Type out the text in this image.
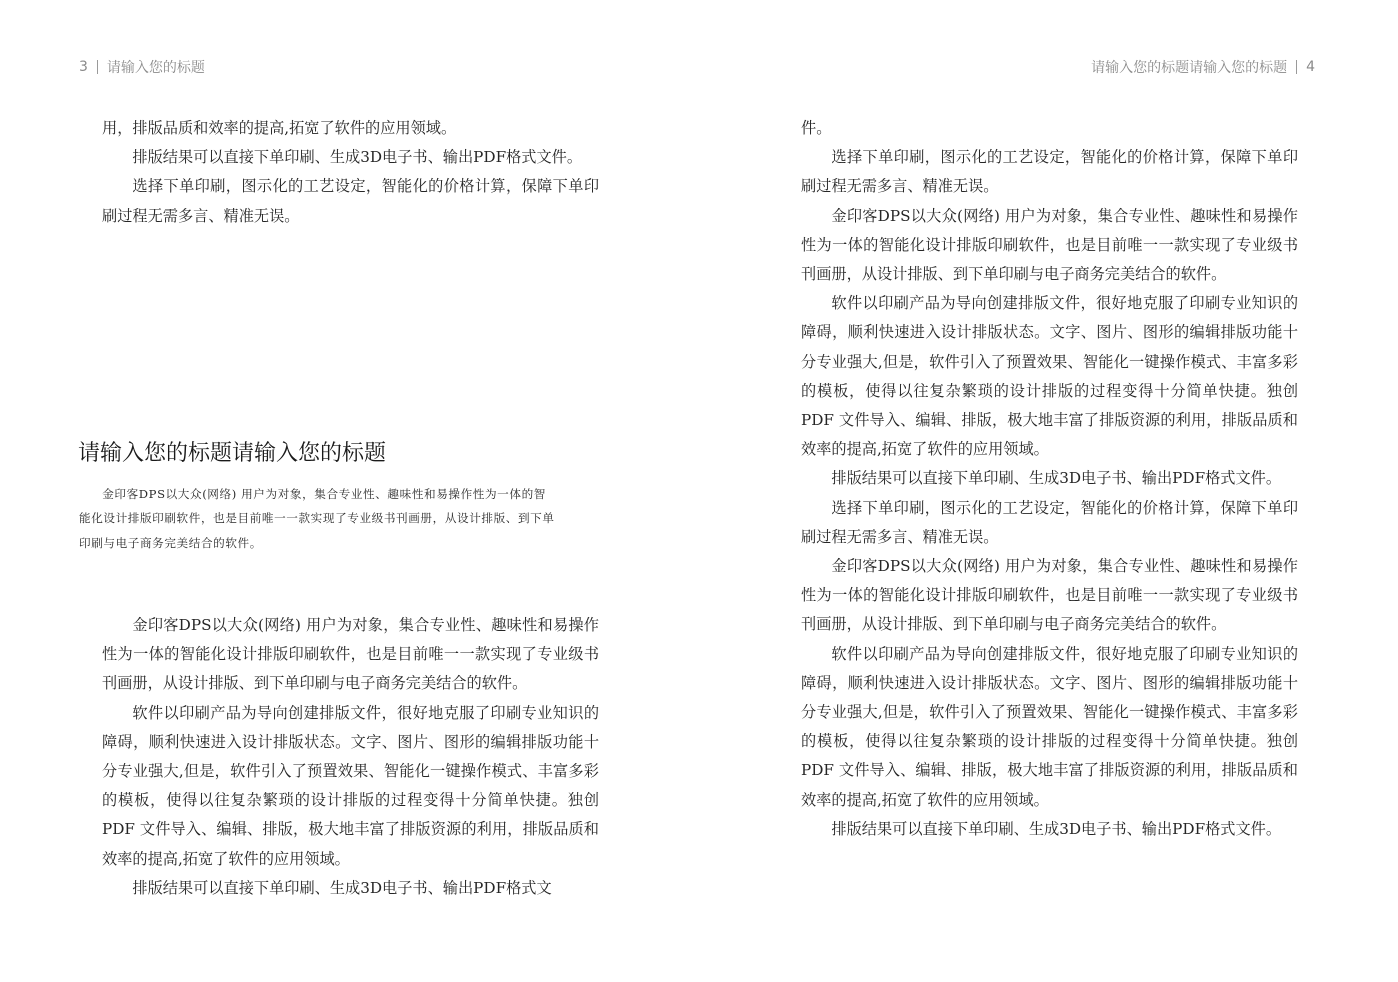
3 请输入您的标题

用，排版品质和效率的提高,拓宽了软件的应用领域。

排版结果可以直接下单印刷、生成3D电子书、输出PDF格式文件。

选择下单印刷，图示化的工艺设定，智能化的价格计算，保障下单印刷过程无需多言、精准无误。

请输入您的标题请输入您的标题

金印客DPS以大众(网络) 用户为对象，集合专业性、趣味性和易操作性为一体的智能化设计排版印刷软件，也是目前唯一一款实现了专业级书刊画册，从设计排版、到下单印刷与电子商务完美结合的软件。

金印客DPS以大众(网络) 用户为对象，集合专业性、趣味性和易操作性为一体的智能化设计排版印刷软件，也是目前唯一一款实现了专业级书刊画册，从设计排版、到下单印刷与电子商务完美结合的软件。

软件以印刷产品为导向创建排版文件，很好地克服了印刷专业知识的障碍，顺利快速进入设计排版状态。文字、图片、图形的编辑排版功能十分专业强大,但是，软件引入了预置效果、智能化一键操作模式、丰富多彩的模板，使得以往复杂繁琐的设计排版的过程变得十分简单快捷。独创PDF 文件导入、编辑、排版，极大地丰富了排版资源的利用，排版品质和效率的提高,拓宽了软件的应用领域。

排版结果可以直接下单印刷、生成3D电子书、输出PDF格式文

请输入您的标题请输入您的标题 4

件。

选择下单印刷，图示化的工艺设定，智能化的价格计算，保障下单印刷过程无需多言、精准无误。

金印客DPS以大众(网络) 用户为对象，集合专业性、趣味性和易操作性为一体的智能化设计排版印刷软件，也是目前唯一一款实现了专业级书刊画册，从设计排版、到下单印刷与电子商务完美结合的软件。

软件以印刷产品为导向创建排版文件，很好地克服了印刷专业知识的障碍，顺利快速进入设计排版状态。文字、图片、图形的编辑排版功能十分专业强大,但是，软件引入了预置效果、智能化一键操作模式、丰富多彩的模板，使得以往复杂繁琐的设计排版的过程变得十分简单快捷。独创PDF 文件导入、编辑、排版，极大地丰富了排版资源的利用，排版品质和效率的提高,拓宽了软件的应用领域。

排版结果可以直接下单印刷、生成3D电子书、输出PDF格式文件。

选择下单印刷，图示化的工艺设定，智能化的价格计算，保障下单印刷过程无需多言、精准无误。

金印客DPS以大众(网络) 用户为对象，集合专业性、趣味性和易操作性为一体的智能化设计排版印刷软件，也是目前唯一一款实现了专业级书刊画册，从设计排版、到下单印刷与电子商务完美结合的软件。

软件以印刷产品为导向创建排版文件，很好地克服了印刷专业知识的障碍，顺利快速进入设计排版状态。文字、图片、图形的编辑排版功能十分专业强大,但是，软件引入了预置效果、智能化一键操作模式、丰富多彩的模板，使得以往复杂繁琐的设计排版的过程变得十分简单快捷。独创PDF 文件导入、编辑、排版，极大地丰富了排版资源的利用，排版品质和效率的提高,拓宽了软件的应用领域。

排版结果可以直接下单印刷、生成3D电子书、输出PDF格式文件。
